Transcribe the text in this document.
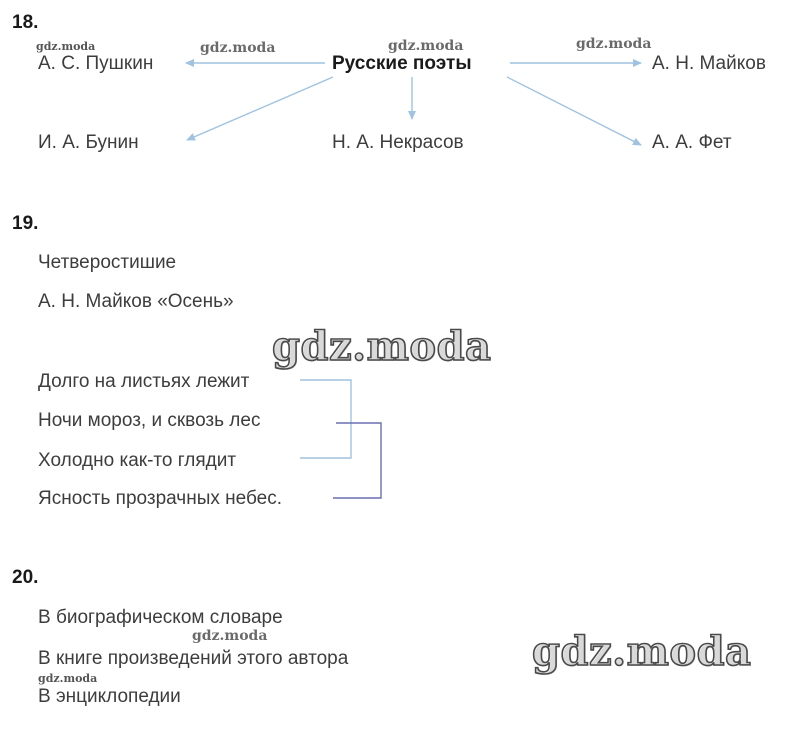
18.
А. С. Пушкин	Русские поэты	А. Н. Майков
И. А. Бунин	Н. А. Некрасов	А. А. Фет
gdz.moda	gdz.moda	gdz.moda	gdz.moda
19.
Четверостишие
А. Н. Майков «Осень»
gdz.moda
Долго на листьях лежит
Ночи мороз, и сквозь лес
Холодно как-то глядит
Ясность прозрачных небес.
20.
В биографическом словаре
gdz.moda
В книге произведений этого автора
gdz.moda
В энциклопедии
gdz.moda
